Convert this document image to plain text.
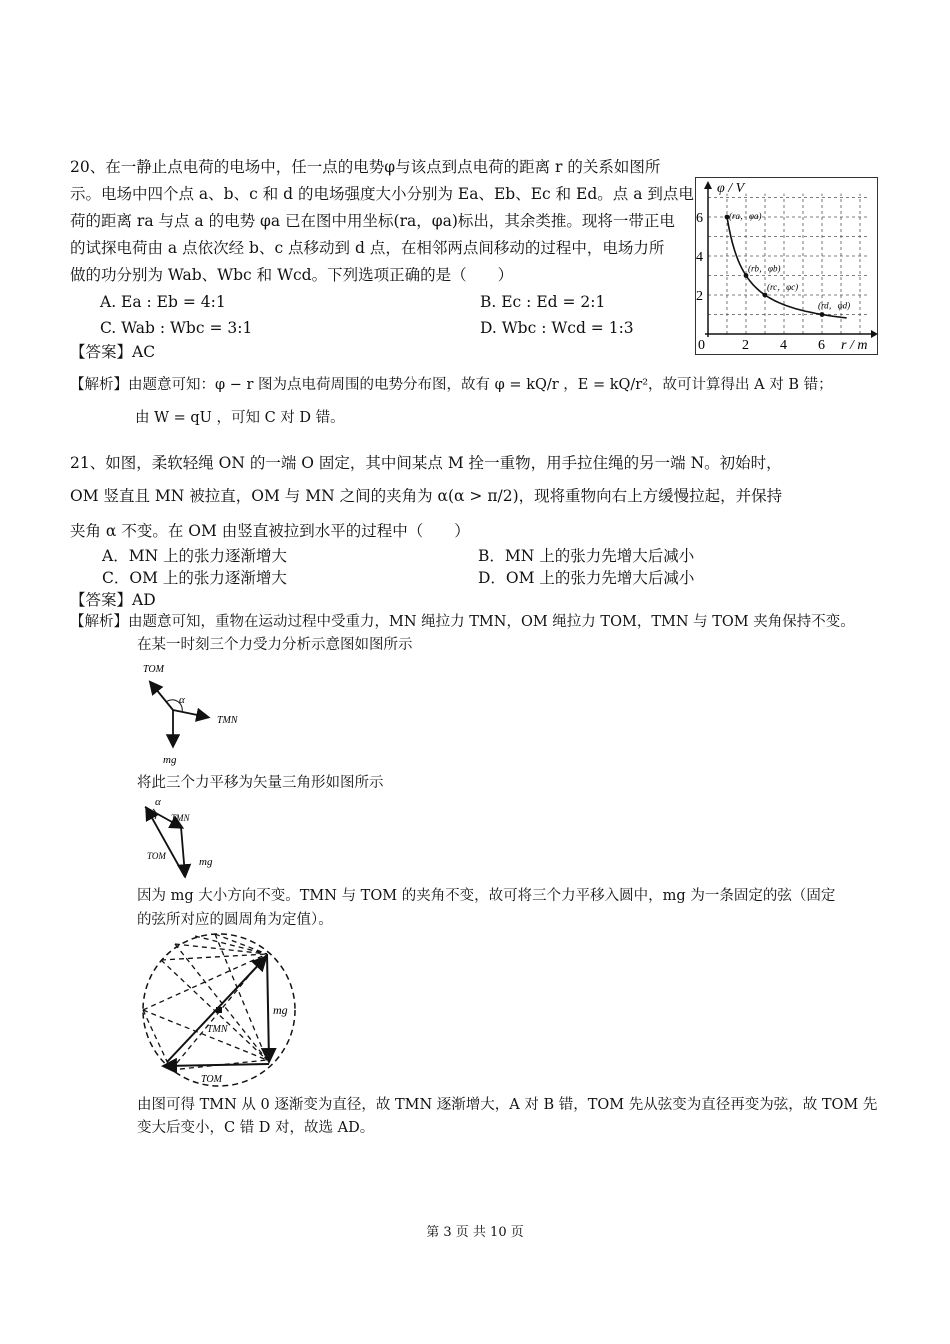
20、在一静止点电荷的电场中，任一点的电势φ与该点到点电荷的距离 r 的关系如图所
示。电场中四个点 a、b、c 和 d 的电场强度大小分别为 Ea、Eb、Ec 和 Ed。点 a 到点电
荷的距离 ra 与点 a 的电势 φa 已在图中用坐标(ra，φa)标出，其余类推。现将一带正电
的试探电荷由 a 点依次经 b、c 点移动到 d 点，在相邻两点间移动的过程中，电场力所
做的功分别为 Wab、Wbc 和 Wcd。下列选项正确的是（　　）
A. Ea : Eb = 4:1	B. Ec : Ed = 2:1
C. Wab : Wbc = 3:1	D. Wbc : Wcd = 1:3
【答案】AC
【解析】由题意可知：φ − r 图为点电荷周围的电势分布图，故有 φ = kQ/r ，E = kQ/r²，故可计算得出 A 对 B 错；
由 W = qU ，可知 C 对 D 错。
(ra，φa)
(rb，φb)
(rc，φc)
(rd，φd)
0	2 4 6
2
4
6
φ / V
r / m
21、如图，柔软轻绳 ON 的一端 O 固定，其中间某点 M 拴一重物，用手拉住绳的另一端 N。初始时，
OM 竖直且 MN 被拉直，OM 与 MN 之间的夹角为 α(α > π/2)，现将重物向右上方缓慢拉起，并保持
夹角 α 不变。在 OM 由竖直被拉到水平的过程中（　　）
A．MN 上的张力逐渐增大	B．MN 上的张力先增大后减小
C．OM 上的张力逐渐增大	D．OM 上的张力先增大后减小
【答案】AD
【解析】由题意可知，重物在运动过程中受重力，MN 绳拉力 TMN，OM 绳拉力 TOM，TMN 与 TOM 夹角保持不变。
在某一时刻三个力受力分析示意图如图所示
TOM
TMN
mg
α
将此三个力平移为矢量三角形如图所示
α
TMN
TOM	mg
因为 mg 大小方向不变。TMN 与 TOM 的夹角不变，故可将三个力平移入圆中，mg 为一条固定的弦（固定
的弦所对应的圆周角为定值）。
TMN
TOM
mg
由图可得 TMN 从 0 逐渐变为直径，故 TMN 逐渐增大，A 对 B 错，TOM 先从弦变为直径再变为弦，故 TOM 先
变大后变小，C 错 D 对，故选 AD。
第 3 页 共 10 页
